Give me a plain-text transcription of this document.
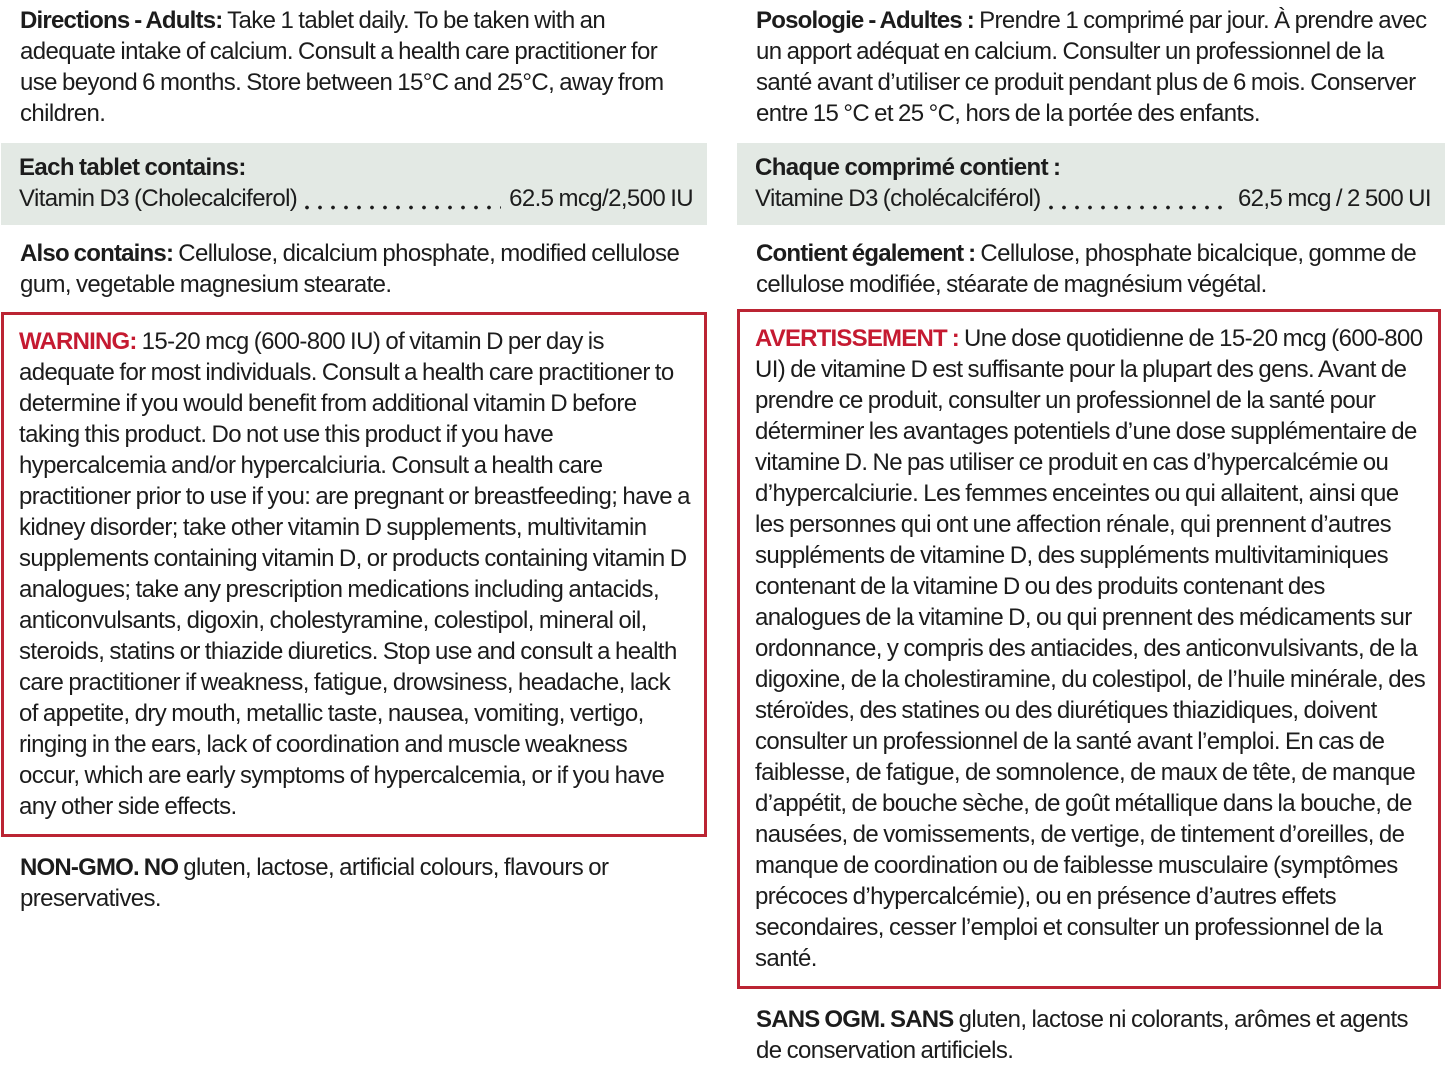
Directions - Adults: Take 1 tablet daily. To be taken with an adequate intake of calcium. Consult a health care practitioner for use beyond 6 months. Store between 15°C and 25°C, away from children.

Each tablet contains:

Vitamin D3 (Cholecalciferol)	62.5 mcg/2,500 IU

Also contains: Cellulose, dicalcium phosphate, modified cellulose gum, vegetable magnesium stearate.

WARNING: 15-20 mcg (600-800 IU) of vitamin D per day is adequate for most individuals. Consult a health care practitioner to determine if you would benefit from additional vitamin D before taking this product. Do not use this product if you have hypercalcemia and/or hypercalciuria. Consult a health care practitioner prior to use if you: are pregnant or breastfeeding; have a kidney disorder; take other vitamin D supplements, multivitamin supplements containing vitamin D, or products containing vitamin D analogues; take any prescription medications including antacids, anticonvulsants, digoxin, cholestyramine, colestipol, mineral oil, steroids, statins or thiazide diuretics. Stop use and consult a health care practitioner if weakness, fatigue, drowsiness, headache, lack of appetite, dry mouth, metallic taste, nausea, vomiting, vertigo, ringing in the ears, lack of coordination and muscle weakness occur, which are early symptoms of hypercalcemia, or if you have any other side effects.

NON-GMO. NO gluten, lactose, artificial colours, flavours or preservatives.

Posologie - Adultes : Prendre 1 comprimé par jour. À prendre avec un apport adéquat en calcium. Consulter un professionnel de la santé avant d’utiliser ce produit pendant plus de 6 mois. Conserver entre 15 °C et 25 °C, hors de la portée des enfants.

Chaque comprimé contient :

Vitamine D3 (cholécalciférol)	62,5 mcg / 2 500 UI

Contient également : Cellulose, phosphate bicalcique, gomme de cellulose modifiée, stéarate de magnésium végétal.

AVERTISSEMENT : Une dose quotidienne de 15-20 mcg (600-800 UI) de vitamine D est suffisante pour la plupart des gens. Avant de prendre ce produit, consulter un professionnel de la santé pour déterminer les avantages potentiels d’une dose supplémentaire de vitamine D. Ne pas utiliser ce produit en cas d’hypercalcémie ou d’hypercalciurie. Les femmes enceintes ou qui allaitent, ainsi que les personnes qui ont une affection rénale, qui prennent d’autres suppléments de vitamine D, des suppléments multivitaminiques contenant de la vitamine D ou des produits contenant des analogues de la vitamine D, ou qui prennent des médicaments sur ordonnance, y compris des antiacides, des anticonvulsivants, de la digoxine, de la cholestiramine, du colestipol, de l’huile minérale, des stéroïdes, des statines ou des diurétiques thiazidiques, doivent consulter un professionnel de la santé avant l’emploi. En cas de faiblesse, de fatigue, de somnolence, de maux de tête, de manque d’appétit, de bouche sèche, de goût métallique dans la bouche, de nausées, de vomissements, de vertige, de tintement d’oreilles, de manque de coordination ou de faiblesse musculaire (symptômes précoces d’hypercalcémie), ou en présence d’autres effets secondaires, cesser l’emploi et consulter un professionnel de la santé.

SANS OGM. SANS gluten, lactose ni colorants, arômes et agents de conservation artificiels.
